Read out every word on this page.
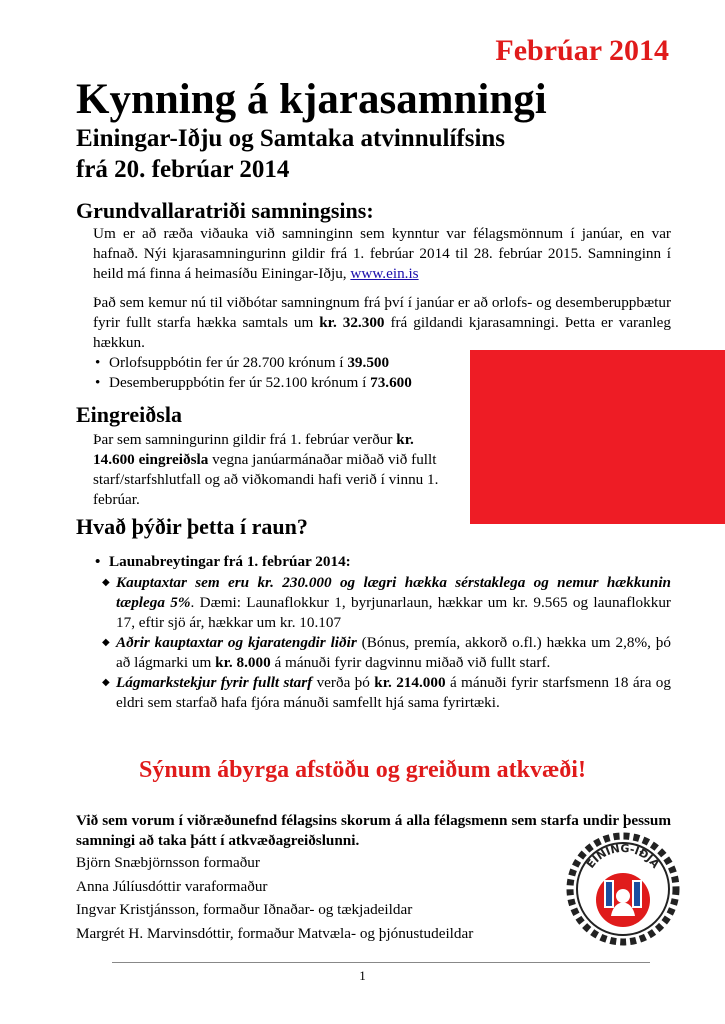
Febrúar 2014
Kynning á kjarasamningi
Einingar-Iðju og Samtaka atvinnulífsins
frá 20. febrúar 2014
Grundvallaratriði samningsins:
Um er að ræða viðauka við samninginn sem kynntur var félagsmönnum í janúar, en var hafnað. Nýi kjarasamningurinn gildir frá 1. febrúar 2014 til 28. febrúar 2015. Samninginn í heild má finna á heimasíðu Einingar-Iðju, www.ein.is
Það sem kemur nú til viðbótar samningnum frá því í janúar er að orlofs- og desemberuppbætur fyrir fullt starfa hækka samtals um kr. 32.300 frá gildandi kjarasamningi. Þetta er varanleg hækkun.
• Orlofsuppbótin fer úr 28.700 krónum í 39.500
• Desemberuppbótin fer úr 52.100 krónum í 73.600
Eingreiðsla
Þar sem samningurinn gildir frá 1. febrúar verður kr. 14.600 eingreiðsla vegna janúarmánaðar miðað við fullt starf/starfshlutfall og að viðkomandi hafi verið í vinnu 1. febrúar.
Hvað þýðir þetta í raun?
• Launabreytingar frá 1. febrúar 2014:
◆ Kauptaxtar sem eru kr. 230.000 og lægri hækka sérstaklega og nemur hækkunin tæplega 5%. Dæmi: Launaflokkur 1, byrjunarlaun, hækkar um kr. 9.565 og launaflokkur 17, eftir sjö ár, hækkar um kr. 10.107
◆ Aðrir kauptaxtar og kjaratengdir liðir (Bónus, premía, akkorð o.fl.) hækka um 2,8%, þó að lágmarki um kr. 8.000 á mánuði fyrir dagvinnu miðað við fullt starf.
◆ Lágmarkstekjur fyrir fullt starf verða þó kr. 214.000 á mánuði fyrir starfsmenn 18 ára og eldri sem starfað hafa fjóra mánuði samfellt hjá sama fyrirtæki.
Sýnum ábyrga afstöðu og greiðum atkvæði!
Við sem vorum í viðræðunefnd félagsins skorum á alla félagsmenn sem starfa undir þessum samningi að taka þátt í atkvæðagreiðslunni.
Björn Snæbjörnsson formaður
Anna Júlíusdóttir varaformaður
Ingvar Kristjánsson, formaður Iðnaðar- og tækjadeildar
Margrét H. Marvinsdóttir, formaður Matvæla- og þjónustudeildar
EINING-IÐJA
1
